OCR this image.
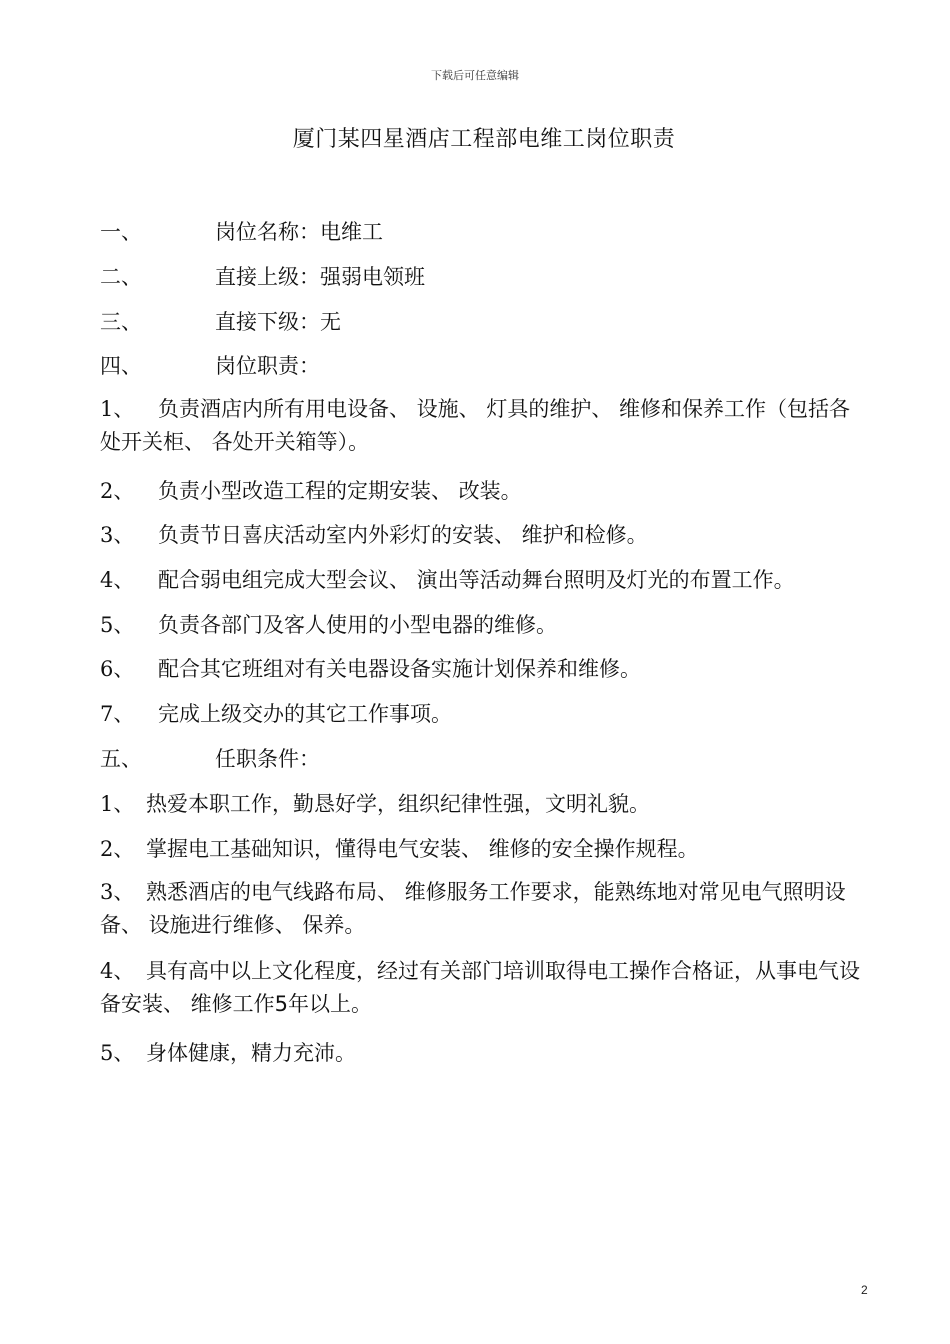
下载后可任意编辑
厦门某四星酒店工程部电维工岗位职责
一、	岗位名称：电维工
二、	直接上级：强弱电领班
三、	直接下级：无
四、	岗位职责：
1、 负责酒店内所有用电设备、 设施、 灯具的维护、 维修和保养工作（包括各处开关柜、 各处开关箱等）。
2、 负责小型改造工程的定期安装、 改装。
3、 负责节日喜庆活动室内外彩灯的安装、 维护和检修。
4、 配合弱电组完成大型会议、 演出等活动舞台照明及灯光的布置工作。
5、 负责各部门及客人使用的小型电器的维修。
6、 配合其它班组对有关电器设备实施计划保养和维修。
7、 完成上级交办的其它工作事项。
五、	任职条件：
1、 热爱本职工作，勤恳好学，组织纪律性强，文明礼貌。
2、 掌握电工基础知识，懂得电气安装、 维修的安全操作规程。
3、 熟悉酒店的电气线路布局、 维修服务工作要求，能熟练地对常见电气照明设备、 设施进行维修、 保养。
4、 具有高中以上文化程度，经过有关部门培训取得电工操作合格证，从事电气设备安装、 维修工作5年以上。
5、 身体健康，精力充沛。
2
